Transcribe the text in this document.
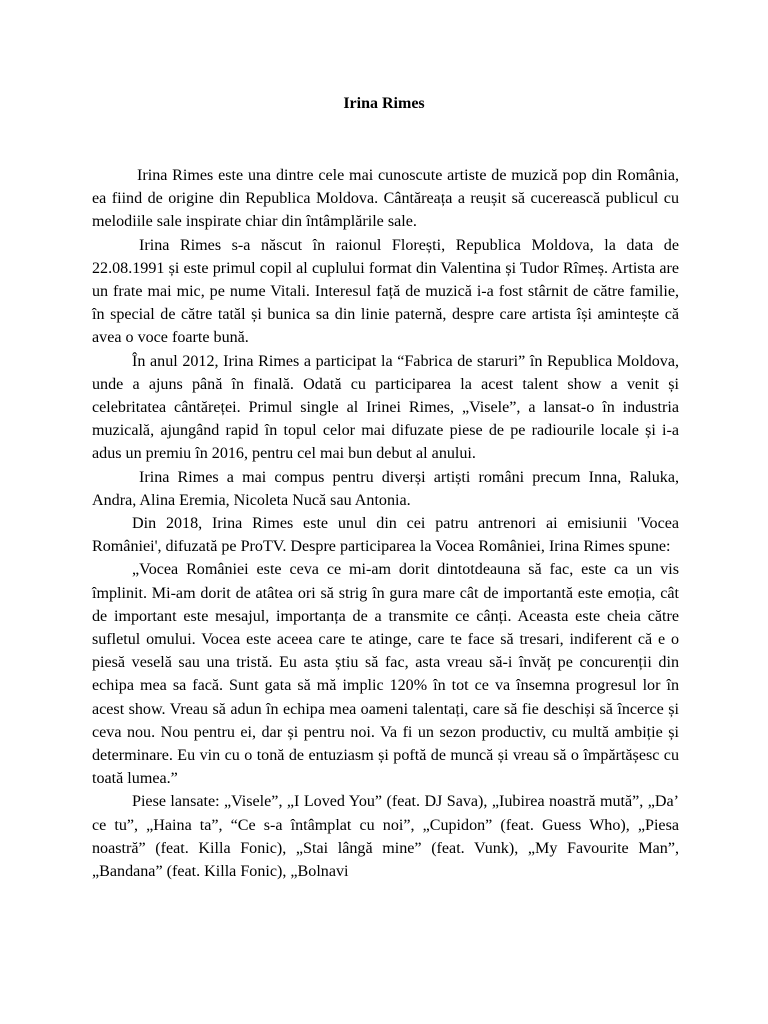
Irina Rimes

Irina Rimes este una dintre cele mai cunoscute artiste de muzică pop din România, ea fiind de origine din Republica Moldova. Cântăreața a reușit să cucerească publicul cu melodiile sale inspirate chiar din întâmplările sale.

Irina Rimes s-a născut în raionul Florești, Republica Moldova, la data de 22.08.1991 și este primul copil al cuplului format din Valentina și Tudor Rîmeș. Artista are un frate mai mic, pe nume Vitali. Interesul față de muzică i-a fost stârnit de către familie, în special de către tatăl și bunica sa din linie paternă, despre care artista își amintește că avea o voce foarte bună.

În anul 2012, Irina Rimes a participat la “Fabrica de staruri” în Republica Moldova, unde a ajuns până în finală. Odată cu participarea la acest talent show a venit și celebritatea cântăreței. Primul single al Irinei Rimes, „Visele”, a lansat-o în industria muzicală, ajungând rapid în topul celor mai difuzate piese de pe radiourile locale și i-a adus un premiu în 2016, pentru cel mai bun debut al anului.

Irina Rimes a mai compus pentru diverși artiști români precum Inna, Raluka, Andra, Alina Eremia, Nicoleta Nucă sau Antonia.

Din 2018, Irina Rimes este unul din cei patru antrenori ai emisiunii 'Vocea României', difuzată pe ProTV. Despre participarea la Vocea României, Irina Rimes spune:

„Vocea României este ceva ce mi-am dorit dintotdeauna să fac, este ca un vis împlinit. Mi-am dorit de atâtea ori să strig în gura mare cât de importantă este emoția, cât de important este mesajul, importanța de a transmite ce cânți. Aceasta este cheia către sufletul omului. Vocea este aceea care te atinge, care te face să tresari, indiferent că e o piesă veselă sau una tristă. Eu asta știu să fac, asta vreau să-i învăț pe concurenții din echipa mea sa facă. Sunt gata să mă implic 120% în tot ce va însemna progresul lor în acest show. Vreau să adun în echipa mea oameni talentați, care să fie deschiși să încerce și ceva nou. Nou pentru ei, dar și pentru noi. Va fi un sezon productiv, cu multă ambiție și determinare. Eu vin cu o tonă de entuziasm și poftă de muncă și vreau să o împărtășesc cu toată lumea.”

Piese lansate: „Visele”, „I Loved You” (feat. DJ Sava), „Iubirea noastră mută”, „Da’ ce tu”, „Haina ta”, “Ce s-a întâmplat cu noi”, „Cupidon” (feat. Guess Who), „Piesa noastră” (feat. Killa Fonic), „Stai lângă mine” (feat. Vunk), „My Favourite Man”, „Bandana” (feat. Killa Fonic), „Bolnavi
